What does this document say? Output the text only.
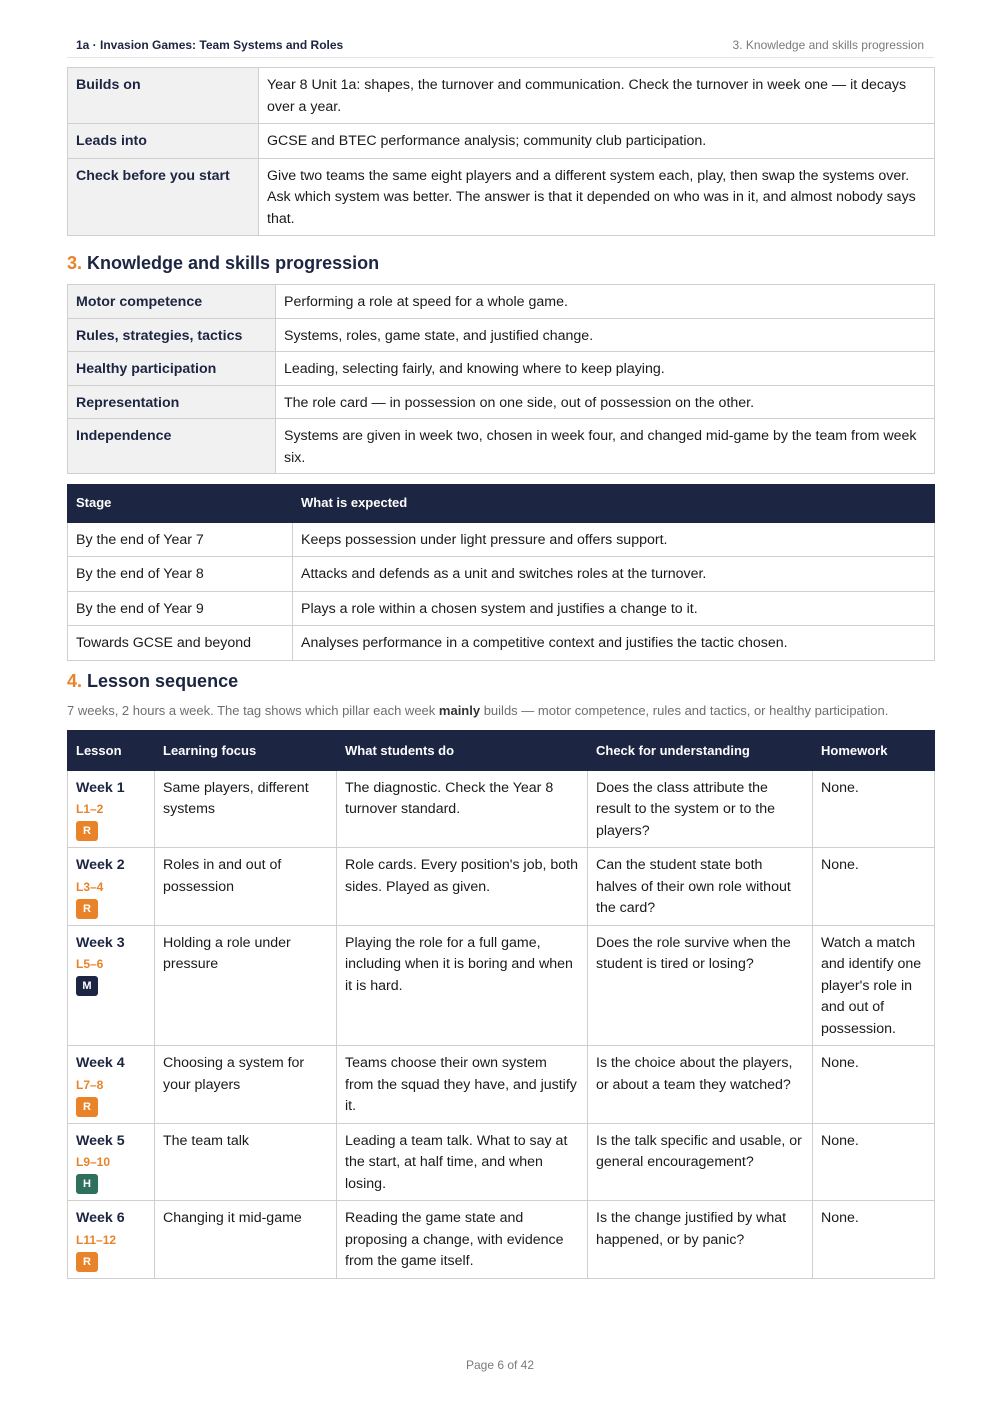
1a · Invasion Games: Team Systems and Roles	3. Knowledge and skills progression
Builds on	Year 8 Unit 1a: shapes, the turnover and communication. Check the turnover in week one — it decays over a year.
Leads into	GCSE and BTEC performance analysis; community club participation.
Check before you start	Give two teams the same eight players and a different system each, play, then swap the systems over. Ask which system was better. The answer is that it depended on who was in it, and almost nobody says that.
3. Knowledge and skills progression
Motor competence	Performing a role at speed for a whole game.
Rules, strategies, tactics	Systems, roles, game state, and justified change.
Healthy participation	Leading, selecting fairly, and knowing where to keep playing.
Representation	The role card — in possession on one side, out of possession on the other.
Independence	Systems are given in week two, chosen in week four, and changed mid-game by the team from week six.
Stage	What is expected
By the end of Year 7	Keeps possession under light pressure and offers support.
By the end of Year 8	Attacks and defends as a unit and switches roles at the turnover.
By the end of Year 9	Plays a role within a chosen system and justifies a change to it.
Towards GCSE and beyond	Analyses performance in a competitive context and justifies the tactic chosen.
4. Lesson sequence
7 weeks, 2 hours a week. The tag shows which pillar each week mainly builds — motor competence, rules and tactics, or healthy participation.
Lesson	Learning focus	What students do	Check for understanding	Homework

Week 1
L1–2
R	Same players, different systems	The diagnostic. Check the Year 8 turnover standard.	Does the class attribute the result to the system or to the players?	None.

Week 2
L3–4
R	Roles in and out of possession	Role cards. Every position's job, both sides. Played as given.	Can the student state both halves of their own role without the card?	None.

Week 3
L5–6
M	Holding a role under pressure	Playing the role for a full game, including when it is boring and when it is hard.	Does the role survive when the student is tired or losing?	Watch a match and identify one player's role in and out of possession.

Week 4
L7–8
R	Choosing a system for your players	Teams choose their own system from the squad they have, and justify it.	Is the choice about the players, or about a team they watched?	None.

Week 5
L9–10
H	The team talk	Leading a team talk. What to say at the start, at half time, and when losing.	Is the talk specific and usable, or general encouragement?	None.

Week 6
L11–12
R	Changing it mid-game	Reading the game state and proposing a change, with evidence from the game itself.	Is the change justified by what happened, or by panic?	None.
Page 6 of 42
